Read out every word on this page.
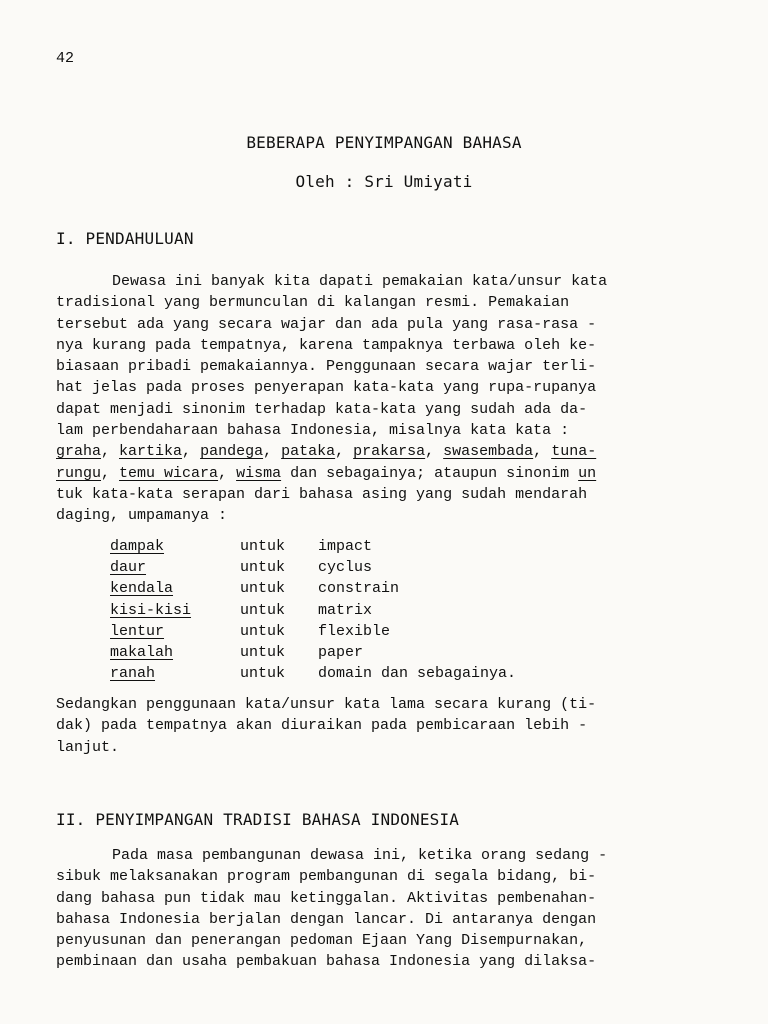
42
BEBERAPA PENYIMPANGAN BAHASA
Oleh : Sri Umiyati
I. PENDAHULUAN
Dewasa ini banyak kita dapati pemakaian kata/unsur kata
tradisional yang bermunculan di kalangan resmi. Pemakaian
tersebut ada yang secara wajar dan ada pula yang rasa-rasa -
nya kurang pada tempatnya, karena tampaknya terbawa oleh ke-
biasaan pribadi pemakaiannya. Penggunaan secara wajar terli-
hat jelas pada proses penyerapan kata-kata yang rupa-rupanya
dapat menjadi sinonim terhadap kata-kata yang sudah ada da-
lam perbendaharaan bahasa Indonesia, misalnya kata kata :
graha, kartika, pandega, pataka, prakarsa, swasembada, tuna-
rungu, temu wicara, wisma dan sebagainya; ataupun sinonim un
tuk kata-kata serapan dari bahasa asing yang sudah mendarah
daging, umpamanya :
dampak	untuk	impact
daur	untuk	cyclus
kendala	untuk	constrain
kisi-kisi	untuk	matrix
lentur	untuk	flexible
makalah	untuk	paper
ranah	untuk	domain dan sebagainya.
Sedangkan penggunaan kata/unsur kata lama secara kurang (ti-
dak) pada tempatnya akan diuraikan pada pembicaraan lebih -
lanjut.
II. PENYIMPANGAN TRADISI BAHASA INDONESIA
Pada masa pembangunan dewasa ini, ketika orang sedang -
sibuk melaksanakan program pembangunan di segala bidang, bi-
dang bahasa pun tidak mau ketinggalan. Aktivitas pembenahan-
bahasa Indonesia berjalan dengan lancar. Di antaranya dengan
penyusunan dan penerangan pedoman Ejaan Yang Disempurnakan,
pembinaan dan usaha pembakuan bahasa Indonesia yang dilaksa-
